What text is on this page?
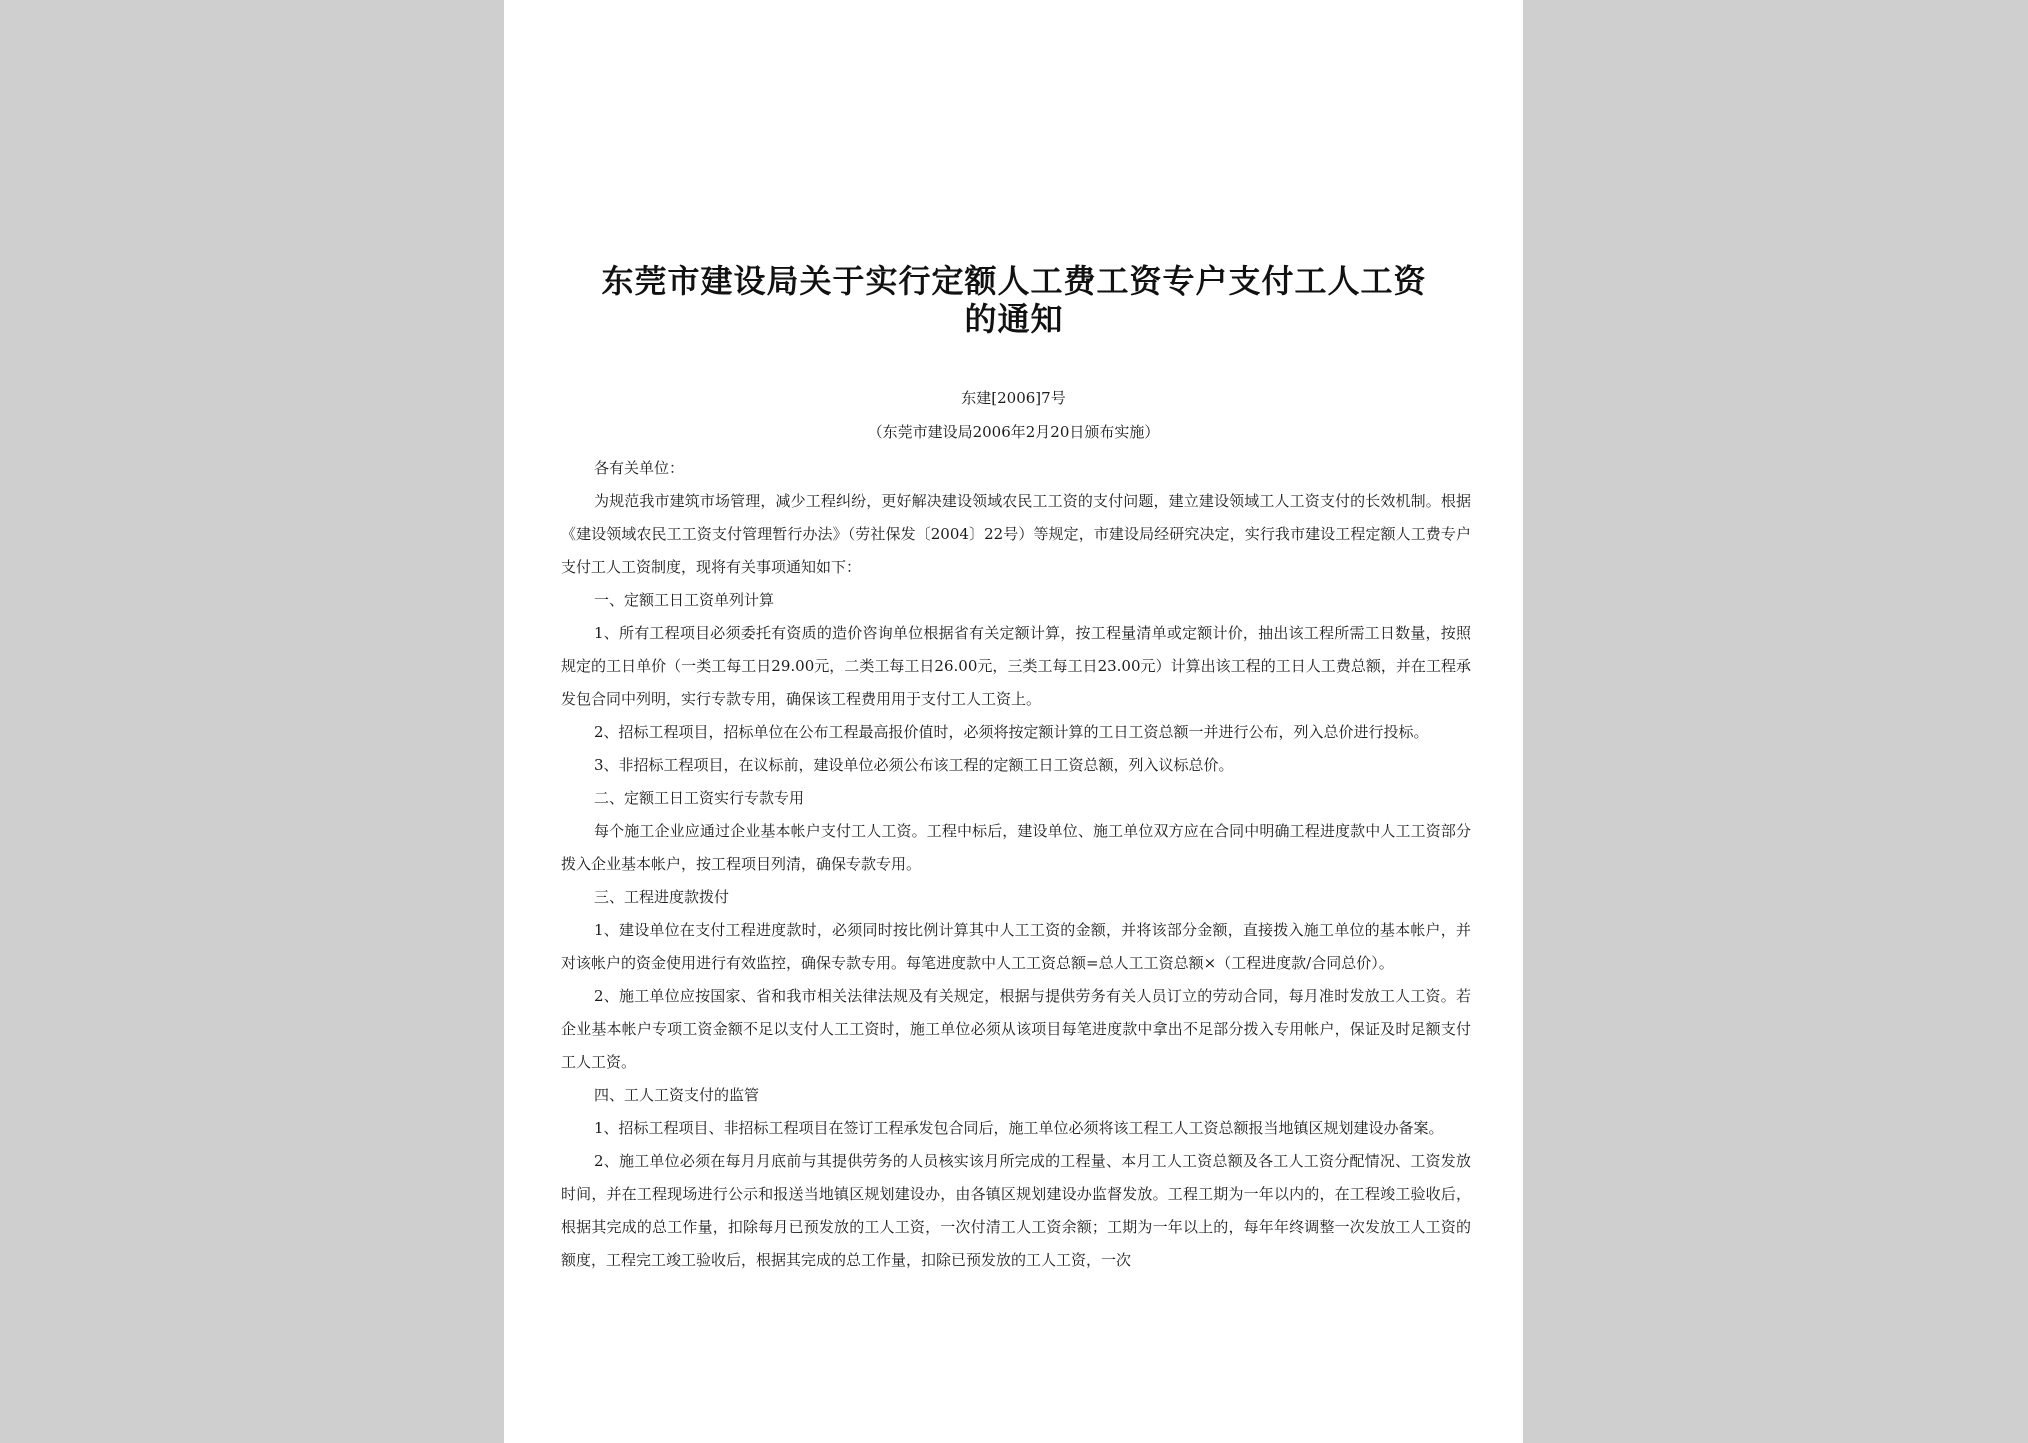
东莞市建设局关于实行定额人工费工资专户支付工人工资的通知
东建[2006]7号
（东莞市建设局2006年2月20日颁布实施）

各有关单位：

为规范我市建筑市场管理，减少工程纠纷，更好解决建设领域农民工工资的支付问题，建立建设领域工人工资支付的长效机制。根据《建设领域农民工工资支付管理暂行办法》（劳社保发〔2004〕22号）等规定，市建设局经研究决定，实行我市建设工程定额人工费专户支付工人工资制度，现将有关事项通知如下：

一、定额工日工资单列计算

1、所有工程项目必须委托有资质的造价咨询单位根据省有关定额计算，按工程量清单或定额计价，抽出该工程所需工日数量，按照规定的工日单价（一类工每工日29.00元，二类工每工日26.00元，三类工每工日23.00元）计算出该工程的工日人工费总额，并在工程承发包合同中列明，实行专款专用，确保该工程费用用于支付工人工资上。

2、招标工程项目，招标单位在公布工程最高报价值时，必须将按定额计算的工日工资总额一并进行公布，列入总价进行投标。

3、非招标工程项目，在议标前，建设单位必须公布该工程的定额工日工资总额，列入议标总价。

二、定额工日工资实行专款专用

每个施工企业应通过企业基本帐户支付工人工资。工程中标后，建设单位、施工单位双方应在合同中明确工程进度款中人工工资部分拨入企业基本帐户，按工程项目列清，确保专款专用。

三、工程进度款拨付

1、建设单位在支付工程进度款时，必须同时按比例计算其中人工工资的金额，并将该部分金额，直接拨入施工单位的基本帐户，并对该帐户的资金使用进行有效监控，确保专款专用。每笔进度款中人工工资总额=总人工工资总额×（工程进度款/合同总价）。

2、施工单位应按国家、省和我市相关法律法规及有关规定，根据与提供劳务有关人员订立的劳动合同，每月准时发放工人工资。若企业基本帐户专项工资金额不足以支付人工工资时，施工单位必须从该项目每笔进度款中拿出不足部分拨入专用帐户，保证及时足额支付工人工资。

四、工人工资支付的监管

1、招标工程项目、非招标工程项目在签订工程承发包合同后，施工单位必须将该工程工人工资总额报当地镇区规划建设办备案。

2、施工单位必须在每月月底前与其提供劳务的人员核实该月所完成的工程量、本月工人工资总额及各工人工资分配情况、工资发放时间，并在工程现场进行公示和报送当地镇区规划建设办，由各镇区规划建设办监督发放。工程工期为一年以内的，在工程竣工验收后，根据其完成的总工作量，扣除每月已预发放的工人工资，一次付清工人工资余额；工期为一年以上的，每年年终调整一次发放工人工资的额度，工程完工竣工验收后，根据其完成的总工作量，扣除已预发放的工人工资，一次
